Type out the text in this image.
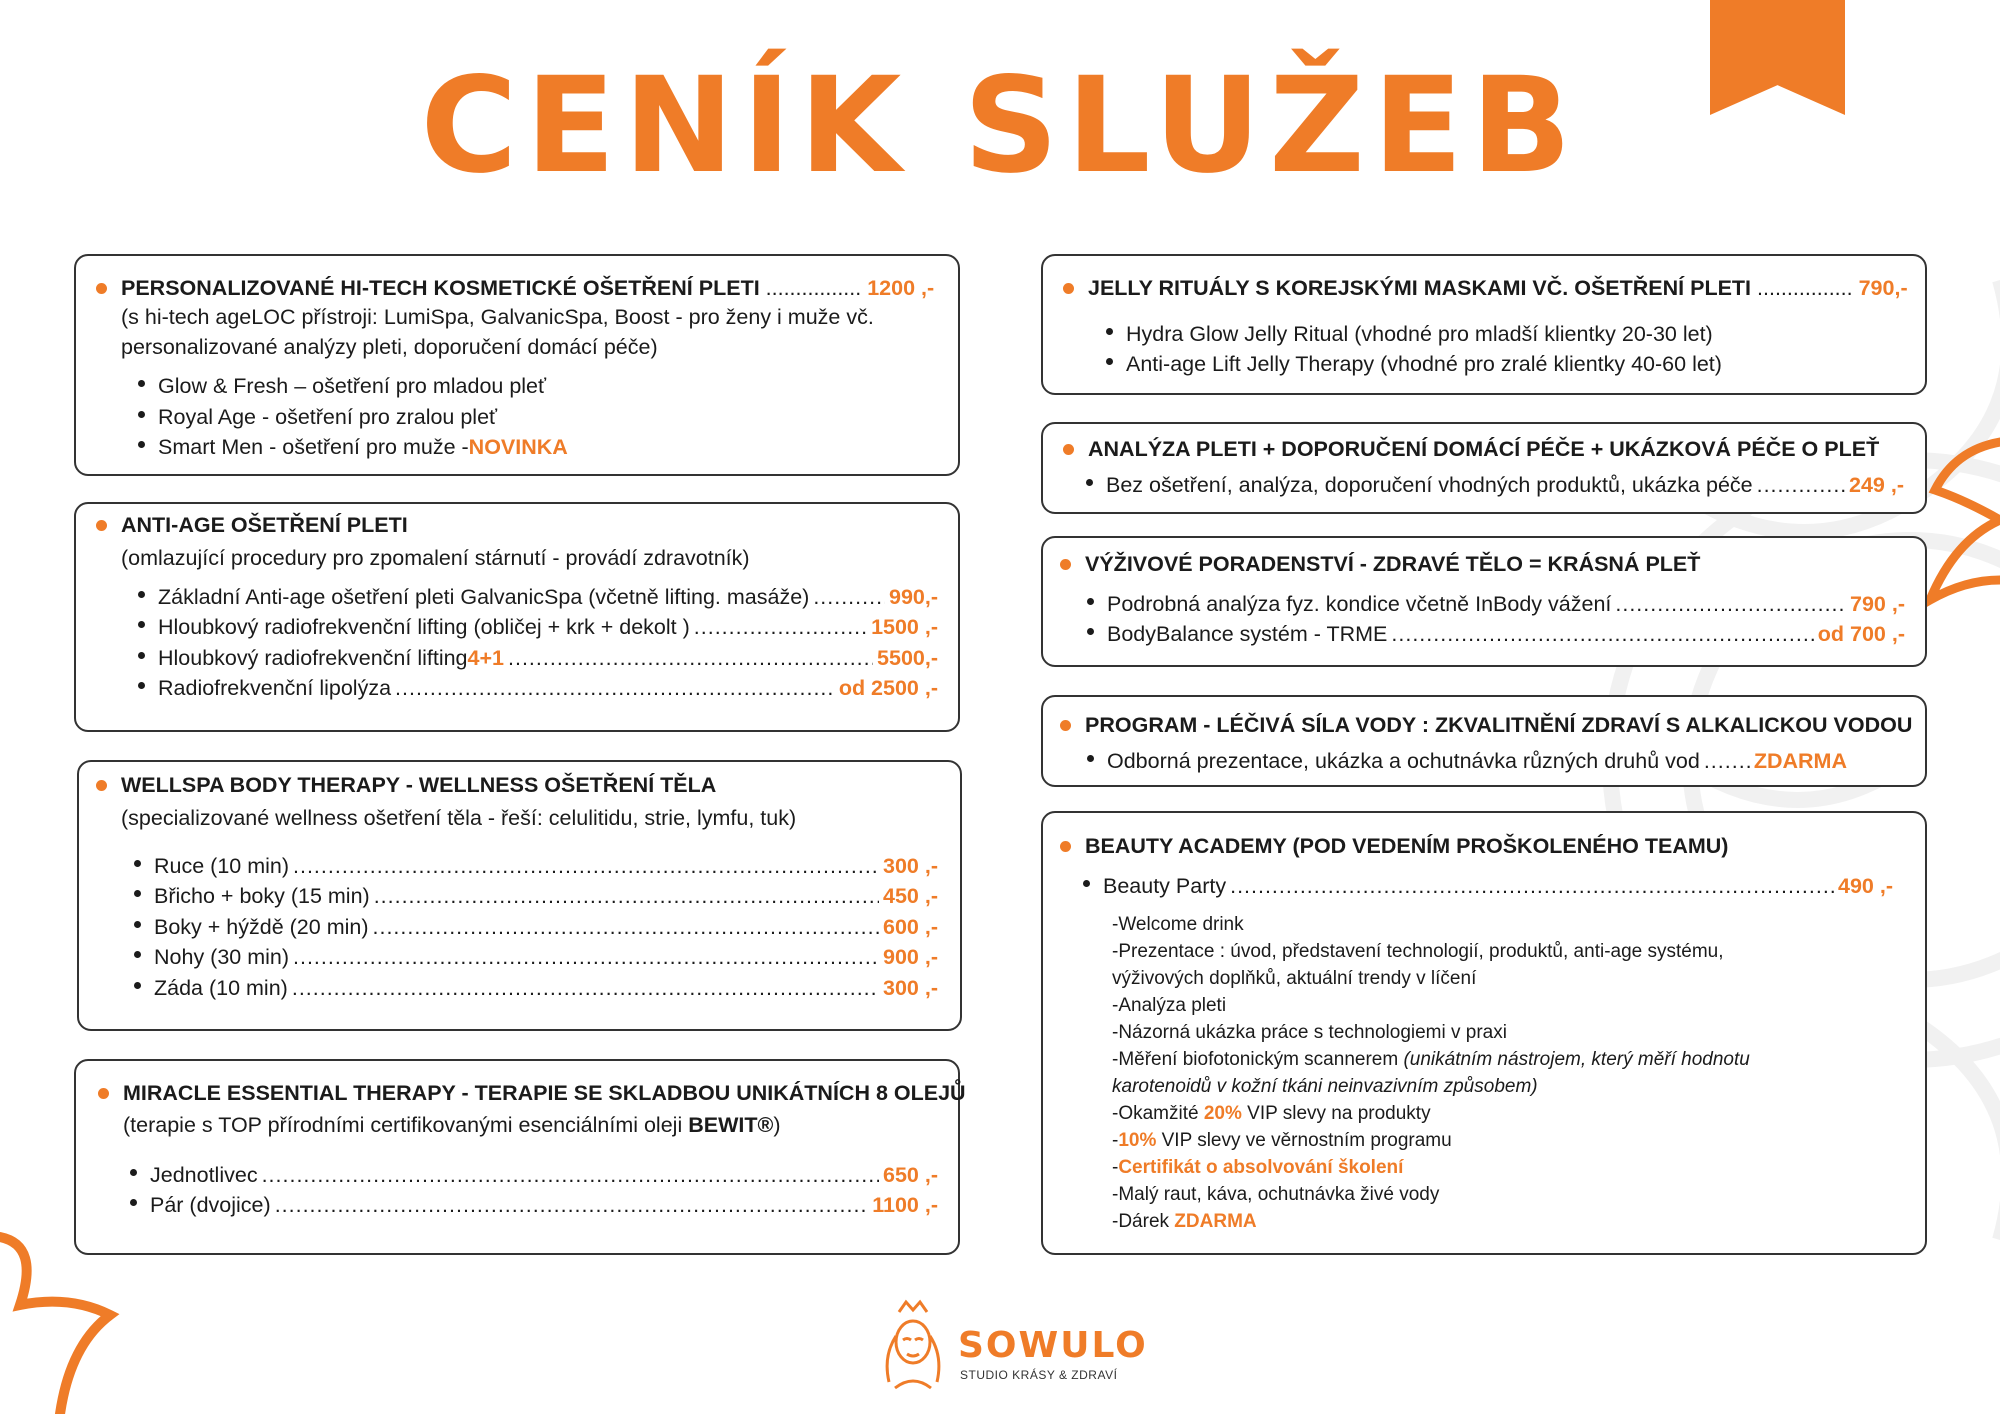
CENÍK SLUŽEB
PERSONALIZOVANÉ HI-TECH KOSMETICKÉ OŠETŘENÍ PLETI ................ 1200 ,-
(s hi-tech ageLOC přístroji: LumiSpa, GalvanicSpa, Boost - pro ženy i muže vč.
personalizované analýzy pleti, doporučení domácí péče)
Glow & Fresh – ošetření pro mladou pleť
Royal Age - ošetření pro zralou pleť
Smart Men - ošetření pro muže - NOVINKA
ANTI-AGE OŠETŘENÍ PLETI
(omlazující procedury pro zpomalení stárnutí - provádí zdravotník)
Základní Anti-age ošetření pleti GalvanicSpa (včetně lifting. masáže) .....	990,-
Hloubkový radiofrekvenční lifting (obličej + krk + dekolt ) .....	1500 ,-
Hloubkový radiofrekvenční lifting 4+1 .....	5500,-
Radiofrekvenční lipolýza .....	od 2500 ,-
WELLSPA BODY THERAPY - WELLNESS OŠETŘENÍ TĚLA
(specializované wellness ošetření těla - řeší: celulitidu, strie, lymfu, tuk)
Ruce (10 min) .....	300 ,-
Břicho + boky (15 min) .....	450 ,-
Boky + hýždě (20 min) .....	600 ,-
Nohy (30 min) .....	900 ,-
Záda (10 min) .....	300 ,-
MIRACLE ESSENTIAL THERAPY - TERAPIE SE SKLADBOU UNIKÁTNÍCH 8 OLEJŮ
(terapie s TOP přírodními certifikovanými esenciálními oleji BEWIT®)
Jednotlivec .....	650 ,-
Pár (dvojice) .....	1100 ,-
JELLY RITUÁLY S KOREJSKÝMI MASKAMI VČ. OŠETŘENÍ PLETI ................ 790,-
Hydra Glow Jelly Ritual (vhodné pro mladší klientky 20-30 let)
Anti-age Lift Jelly Therapy (vhodné pro zralé klientky 40-60 let)
ANALÝZA PLETI + DOPORUČENÍ DOMÁCÍ PÉČE + UKÁZKOVÁ PÉČE O PLEŤ
Bez ošetření, analýza, doporučení vhodných produktů, ukázka péče .....	249 ,-
VÝŽIVOVÉ PORADENSTVÍ - ZDRAVÉ TĚLO = KRÁSNÁ PLEŤ
Podrobná analýza fyz. kondice včetně InBody vážení .....	790 ,-
BodyBalance systém - TRME .....	od 700 ,-
PROGRAM - LÉČIVÁ SÍLA VODY : ZKVALITNĚNÍ ZDRAVÍ S ALKALICKOU VODOU
Odborná prezentace, ukázka a ochutnávka různých druhů vod .....	ZDARMA
BEAUTY ACADEMY (POD VEDENÍM PROŠKOLENÉHO TEAMU)
Beauty Party .....	490 ,-
-Welcome drink
-Prezentace : úvod, představení technologií, produktů, anti-age systému,
výživových doplňků, aktuální trendy v líčení
-Analýza pleti
-Názorná ukázka práce s technologiemi v praxi
-Měření biofotonickým scannerem (unikátním nástrojem, který měří hodnotu
karotenoidů v kožní tkáni neinvazivním způsobem)
-Okamžité 20% VIP slevy na produkty
-10% VIP slevy ve věrnostním programu
-Certifikát o absolvování školení
-Malý raut, káva, ochutnávka živé vody
-Dárek ZDARMA
SOWULO
STUDIO KRÁSY & ZDRAVÍ
